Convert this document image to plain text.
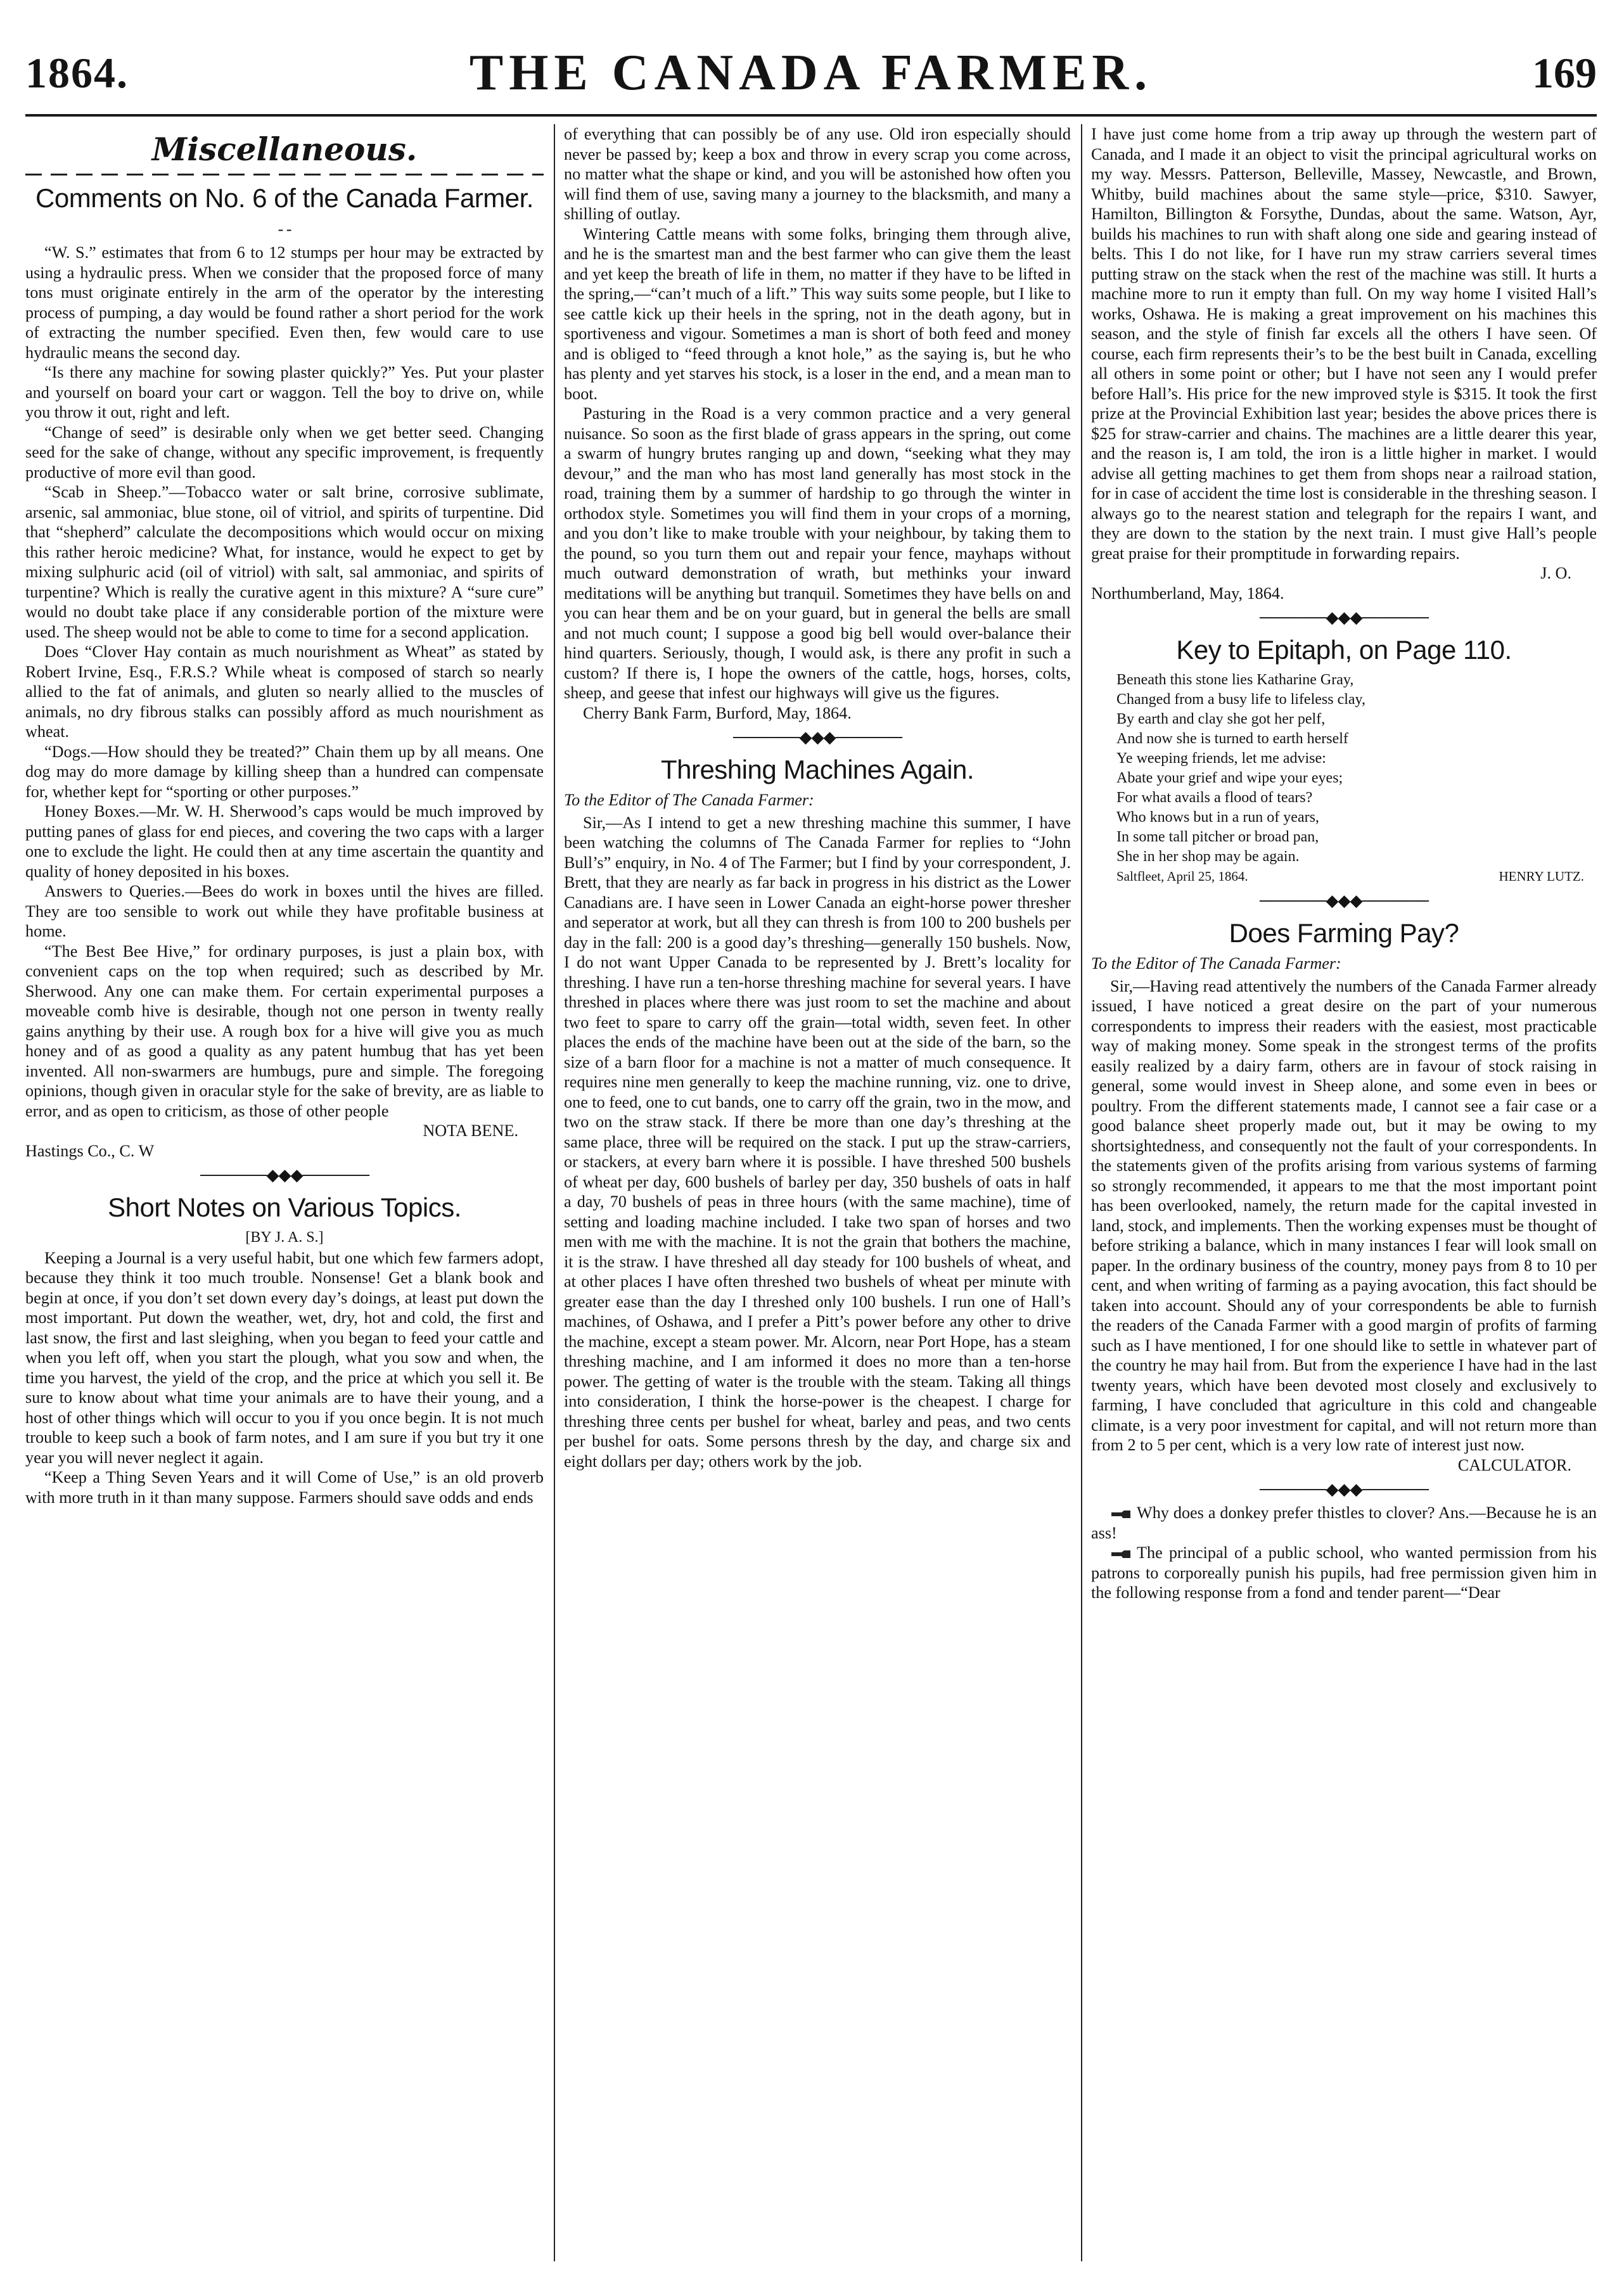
1864.	THE CANADA FARMER.	169
Miscellaneous.
Comments on No. 6 of the Canada Farmer.
- -

“W. S.” estimates that from 6 to 12 stumps per hour may be extracted by using a hydraulic press. When we consider that the proposed force of many tons must originate entirely in the arm of the operator by the interesting process of pumping, a day would be found rather a short period for the work of extracting the number specified. Even then, few would care to use hydraulic means the second day.

“Is there any machine for sowing plaster quickly?” Yes. Put your plaster and yourself on board your cart or waggon. Tell the boy to drive on, while you throw it out, right and left.

“Change of seed” is desirable only when we get better seed. Changing seed for the sake of change, without any specific improvement, is frequently productive of more evil than good.

“Scab in Sheep.”—Tobacco water or salt brine, corrosive sublimate, arsenic, sal ammoniac, blue stone, oil of vitriol, and spirits of turpentine. Did that “shepherd” calculate the decompositions which would occur on mixing this rather heroic medicine? What, for instance, would he expect to get by mixing sulphuric acid (oil of vitriol) with salt, sal ammoniac, and spirits of turpentine? Which is really the curative agent in this mixture? A “sure cure” would no doubt take place if any considerable portion of the mixture were used. The sheep would not be able to come to time for a second application.

Does “Clover Hay contain as much nourishment as Wheat” as stated by Robert Irvine, Esq., F.R.S.? While wheat is composed of starch so nearly allied to the fat of animals, and gluten so nearly allied to the muscles of animals, no dry fibrous stalks can possibly afford as much nourishment as wheat.

“Dogs.—How should they be treated?” Chain them up by all means. One dog may do more damage by killing sheep than a hundred can compensate for, whether kept for “sporting or other purposes.”

Honey Boxes.—Mr. W. H. Sherwood’s caps would be much improved by putting panes of glass for end pieces, and covering the two caps with a larger one to exclude the light. He could then at any time ascertain the quantity and quality of honey deposited in his boxes.

Answers to Queries.—Bees do work in boxes until the hives are filled. They are too sensible to work out while they have profitable business at home.

“The Best Bee Hive,” for ordinary purposes, is just a plain box, with convenient caps on the top when required; such as described by Mr. Sherwood. Any one can make them. For certain experimental purposes a moveable comb hive is desirable, though not one person in twenty really gains anything by their use. A rough box for a hive will give you as much honey and of as good a quality as any patent humbug that has yet been invented. All non-swarmers are humbugs, pure and simple. The foregoing opinions, though given in oracular style for the sake of brevity, are as liable to error, and as open to criticism, as those of other people

NOTA BENE.

Hastings Co., C. W

──────◆◆◆──────
Short Notes on Various Topics.

[BY J. A. S.]

Keeping a Journal is a very useful habit, but one which few farmers adopt, because they think it too much trouble. Nonsense! Get a blank book and begin at once, if you don’t set down every day’s doings, at least put down the most important. Put down the weather, wet, dry, hot and cold, the first and last snow, the first and last sleighing, when you began to feed your cattle and when you left off, when you start the plough, what you sow and when, the time you harvest, the yield of the crop, and the price at which you sell it. Be sure to know about what time your animals are to have their young, and a host of other things which will occur to you if you once begin. It is not much trouble to keep such a book of farm notes, and I am sure if you but try it one year you will never neglect it again.

“Keep a Thing Seven Years and it will Come of Use,” is an old proverb with more truth in it than many suppose. Farmers should save odds and ends

of everything that can possibly be of any use. Old iron especially should never be passed by; keep a box and throw in every scrap you come across, no matter what the shape or kind, and you will be astonished how often you will find them of use, saving many a journey to the blacksmith, and many a shilling of outlay.

Wintering Cattle means with some folks, bringing them through alive, and he is the smartest man and the best farmer who can give them the least and yet keep the breath of life in them, no matter if they have to be lifted in the spring,—“can’t much of a lift.” This way suits some people, but I like to see cattle kick up their heels in the spring, not in the death agony, but in sportiveness and vigour. Sometimes a man is short of both feed and money and is obliged to “feed through a knot hole,” as the saying is, but he who has plenty and yet starves his stock, is a loser in the end, and a mean man to boot.

Pasturing in the Road is a very common practice and a very general nuisance. So soon as the first blade of grass appears in the spring, out come a swarm of hungry brutes ranging up and down, “seeking what they may devour,” and the man who has most land generally has most stock in the road, training them by a summer of hardship to go through the winter in orthodox style. Sometimes you will find them in your crops of a morning, and you don’t like to make trouble with your neighbour, by taking them to the pound, so you turn them out and repair your fence, mayhaps without much outward demonstration of wrath, but methinks your inward meditations will be anything but tranquil. Sometimes they have bells on and you can hear them and be on your guard, but in general the bells are small and not much count; I suppose a good big bell would over-balance their hind quarters. Seriously, though, I would ask, is there any profit in such a custom? If there is, I hope the owners of the cattle, hogs, horses, colts, sheep, and geese that infest our highways will give us the figures.

Cherry Bank Farm, Burford, May, 1864.

──────◆◆◆──────
Threshing Machines Again.

To the Editor of The Canada Farmer:

Sir,—As I intend to get a new threshing machine this summer, I have been watching the columns of The Canada Farmer for replies to “John Bull’s” enquiry, in No. 4 of The Farmer; but I find by your correspondent, J. Brett, that they are nearly as far back in progress in his district as the Lower Canadians are. I have seen in Lower Canada an eight-horse power thresher and seperator at work, but all they can thresh is from 100 to 200 bushels per day in the fall: 200 is a good day’s threshing—generally 150 bushels. Now, I do not want Upper Canada to be represented by J. Brett’s locality for threshing. I have run a ten-horse threshing machine for several years. I have threshed in places where there was just room to set the machine and about two feet to spare to carry off the grain—total width, seven feet. In other places the ends of the machine have been out at the side of the barn, so the size of a barn floor for a machine is not a matter of much consequence. It requires nine men generally to keep the machine running, viz. one to drive, one to feed, one to cut bands, one to carry off the grain, two in the mow, and two on the straw stack. If there be more than one day’s threshing at the same place, three will be required on the stack. I put up the straw-carriers, or stackers, at every barn where it is possible. I have threshed 500 bushels of wheat per day, 600 bushels of barley per day, 350 bushels of oats in half a day, 70 bushels of peas in three hours (with the same machine), time of setting and loading machine included. I take two span of horses and two men with me with the machine. It is not the grain that bothers the machine, it is the straw. I have threshed all day steady for 100 bushels of wheat, and at other places I have often threshed two bushels of wheat per minute with greater ease than the day I threshed only 100 bushels. I run one of Hall’s machines, of Oshawa, and I prefer a Pitt’s power before any other to drive the machine, except a steam power. Mr. Alcorn, near Port Hope, has a steam threshing machine, and I am informed it does no more than a ten-horse power. The getting of water is the trouble with the steam. Taking all things into consideration, I think the horse-power is the cheapest. I charge for threshing three cents per bushel for wheat, barley and peas, and two cents per bushel for oats. Some persons thresh by the day, and charge six and eight dollars per day; others work by the job.

I have just come home from a trip away up through the western part of Canada, and I made it an object to visit the principal agricultural works on my way. Messrs. Patterson, Belleville, Massey, Newcastle, and Brown, Whitby, build machines about the same style—price, $310. Sawyer, Hamilton, Billington & Forsythe, Dundas, about the same. Watson, Ayr, builds his machines to run with shaft along one side and gearing instead of belts. This I do not like, for I have run my straw carriers several times putting straw on the stack when the rest of the machine was still. It hurts a machine more to run it empty than full. On my way home I visited Hall’s works, Oshawa. He is making a great improvement on his machines this season, and the style of finish far excels all the others I have seen. Of course, each firm represents their’s to be the best built in Canada, excelling all others in some point or other; but I have not seen any I would prefer before Hall’s. His price for the new improved style is $315. It took the first prize at the Provincial Exhibition last year; besides the above prices there is $25 for straw-carrier and chains. The machines are a little dearer this year, and the reason is, I am told, the iron is a little higher in market. I would advise all getting machines to get them from shops near a railroad station, for in case of accident the time lost is considerable in the threshing season. I always go to the nearest station and telegraph for the repairs I want, and they are down to the station by the next train. I must give Hall’s people great praise for their promptitude in forwarding repairs.

J. O.

Northumberland, May, 1864.

──────◆◆◆──────
Key to Epitaph, on Page 110.
Beneath this stone lies Katharine Gray,
Changed from a busy life to lifeless clay,
By earth and clay she got her pelf,
And now she is turned to earth herself
Ye weeping friends, let me advise:
Abate your grief and wipe your eyes;
For what avails a flood of tears?
Who knows but in a run of years,
In some tall pitcher or broad pan,
She in her shop may be again.
Saltfleet, April 25, 1864.	HENRY LUTZ.
──────◆◆◆──────
Does Farming Pay?

To the Editor of The Canada Farmer:

Sir,—Having read attentively the numbers of the Canada Farmer already issued, I have noticed a great desire on the part of your numerous correspondents to impress their readers with the easiest, most practicable way of making money. Some speak in the strongest terms of the profits easily realized by a dairy farm, others are in favour of stock raising in general, some would invest in Sheep alone, and some even in bees or poultry. From the different statements made, I cannot see a fair case or a good balance sheet properly made out, but it may be owing to my shortsightedness, and consequently not the fault of your correspondents. In the statements given of the profits arising from various systems of farming so strongly recommended, it appears to me that the most important point has been overlooked, namely, the return made for the capital invested in land, stock, and implements. Then the working expenses must be thought of before striking a balance, which in many instances I fear will look small on paper. In the ordinary business of the country, money pays from 8 to 10 per cent, and when writing of farming as a paying avocation, this fact should be taken into account. Should any of your correspondents be able to furnish the readers of the Canada Farmer with a good margin of profits of farming such as I have mentioned, I for one should like to settle in whatever part of the country he may hail from. But from the experience I have had in the last twenty years, which have been devoted most closely and exclusively to farming, I have concluded that agriculture in this cold and changeable climate, is a very poor investment for capital, and will not return more than from 2 to 5 per cent, which is a very low rate of interest just now.

CALCULATOR.

──────◆◆◆──────

Why does a donkey prefer thistles to clover? Ans.—Because he is an ass!

The principal of a public school, who wanted permission from his patrons to corporeally punish his pupils, had free permission given him in the following response from a fond and tender parent—“Dear
